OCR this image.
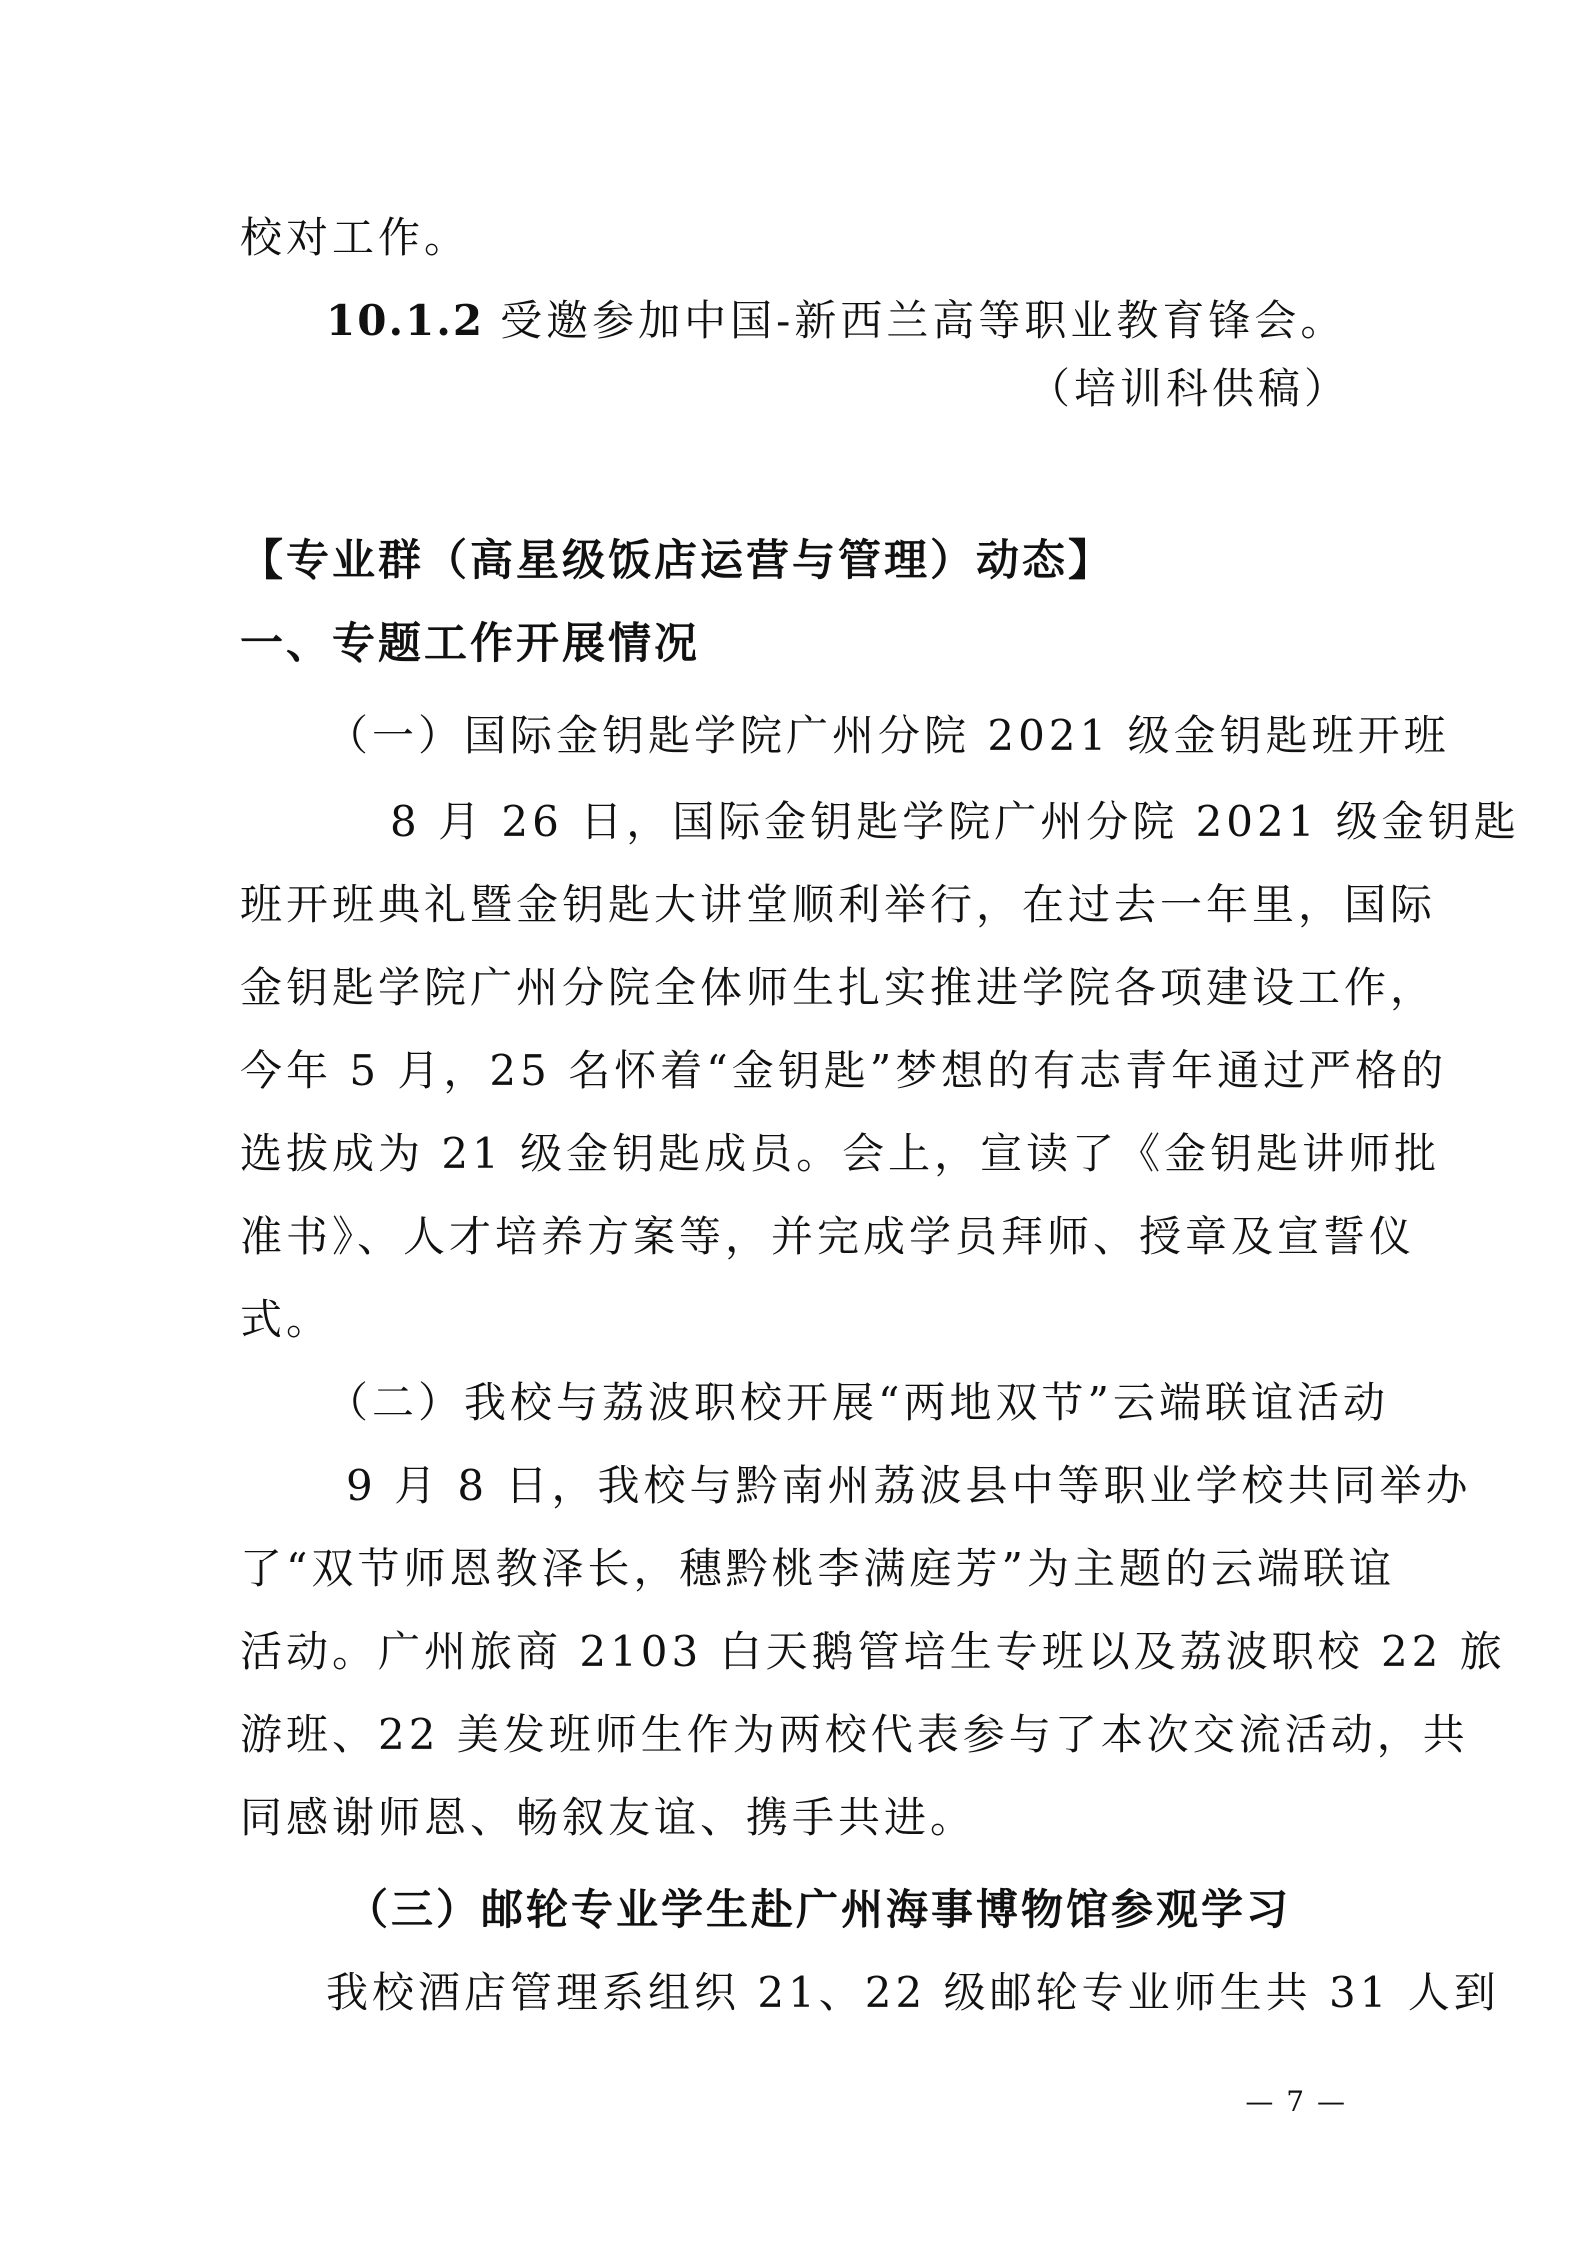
校对工作。
10.1.2 受邀参加中国-新西兰高等职业教育锋会。
（培训科供稿）
【专业群（高星级饭店运营与管理）动态】
一、专题工作开展情况
（一）国际金钥匙学院广州分院 2021 级金钥匙班开班
8 月 26 日，国际金钥匙学院广州分院 2021 级金钥匙
班开班典礼暨金钥匙大讲堂顺利举行，在过去一年里，国际
金钥匙学院广州分院全体师生扎实推进学院各项建设工作，
今年 5 月，25 名怀着“金钥匙”梦想的有志青年通过严格的
选拔成为 21 级金钥匙成员。会上，宣读了《金钥匙讲师批
准书》、人才培养方案等，并完成学员拜师、授章及宣誓仪
式。
（二）我校与荔波职校开展“两地双节”云端联谊活动
9 月 8 日，我校与黔南州荔波县中等职业学校共同举办
了“双节师恩教泽长，穗黔桃李满庭芳”为主题的云端联谊
活动。广州旅商 2103 白天鹅管培生专班以及荔波职校 22 旅
游班、22 美发班师生作为两校代表参与了本次交流活动，共
同感谢师恩、畅叙友谊、携手共进。
（三）邮轮专业学生赴广州海事博物馆参观学习
我校酒店管理系组织 21、22 级邮轮专业师生共 31 人到
— 7 —
